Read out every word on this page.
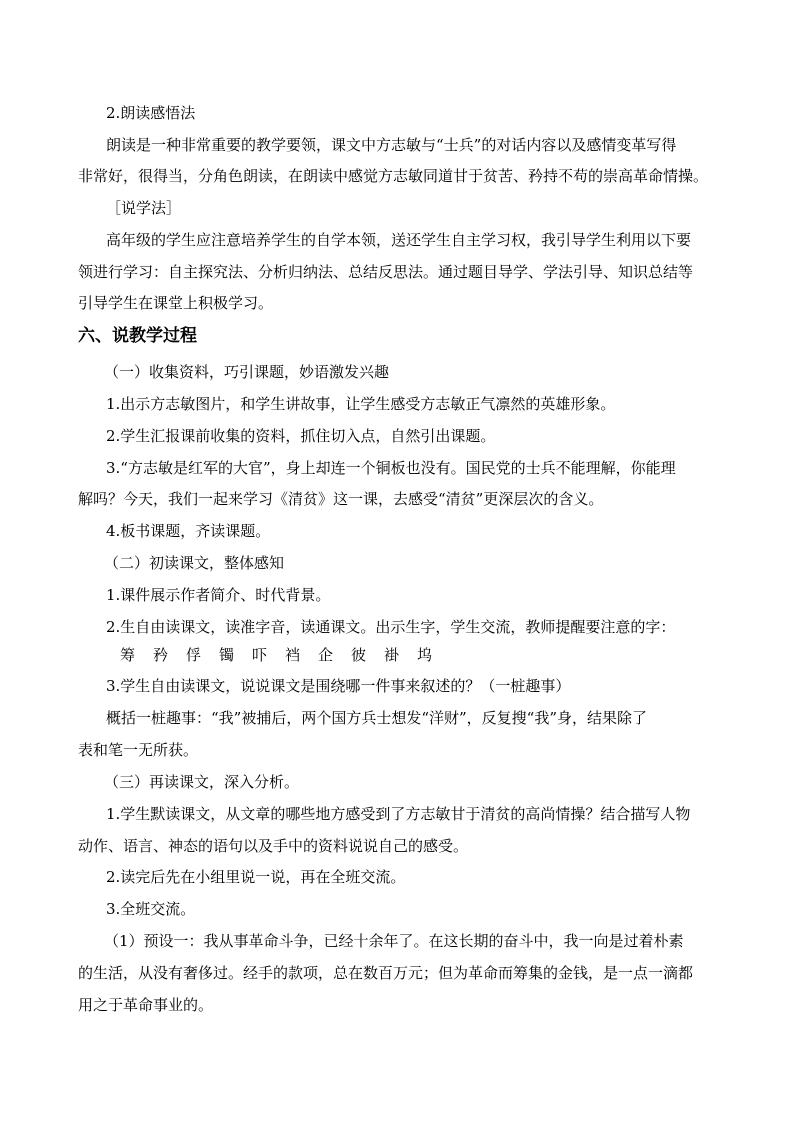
2.朗读感悟法
朗读是一种非常重要的教学要领，课文中方志敏与“士兵”的对话内容以及感情变革写得
非常好，很得当，分角色朗读，在朗读中感觉方志敏同道甘于贫苦、矜持不苟的崇高革命情操。
［说学法］
高年级的学生应注意培养学生的自学本领，送还学生自主学习权，我引导学生利用以下要
领进行学习：自主探究法、分析归纳法、总结反思法。通过题目导学、学法引导、知识总结等
引导学生在课堂上积极学习。
六、说教学过程
（一）收集资料，巧引课题，妙语激发兴趣
1.出示方志敏图片，和学生讲故事，让学生感受方志敏正气凛然的英雄形象。
2.学生汇报课前收集的资料，抓住切入点，自然引出课题。
3.“方志敏是红军的大官”，身上却连一个铜板也没有。国民党的士兵不能理解，你能理
解吗？今天，我们一起来学习《清贫》这一课，去感受“清贫”更深层次的含义。
4.板书课题，齐读课题。
（二）初读课文，整体感知
1.课件展示作者简介、时代背景。
2.生自由读课文，读准字音，读通课文。出示生字，学生交流，教师提醒要注意的字：
筹 矜 俘 镯 吓 裆 企 彼 褂 坞
3.学生自由读课文，说说课文是围绕哪一件事来叙述的？（一桩趣事）
概括一桩趣事：“我”被捕后，两个国方兵士想发“洋财”，反复搜“我”身，结果除了
表和笔一无所获。
（三）再读课文，深入分析。
1.学生默读课文，从文章的哪些地方感受到了方志敏甘于清贫的高尚情操？结合描写人物
动作、语言、神态的语句以及手中的资料说说自己的感受。
2.读完后先在小组里说一说，再在全班交流。
3.全班交流。
（1）预设一：我从事革命斗争，已经十余年了。在这长期的奋斗中，我一向是过着朴素
的生活，从没有奢侈过。经手的款项，总在数百万元；但为革命而筹集的金钱，是一点一滴都
用之于革命事业的。
